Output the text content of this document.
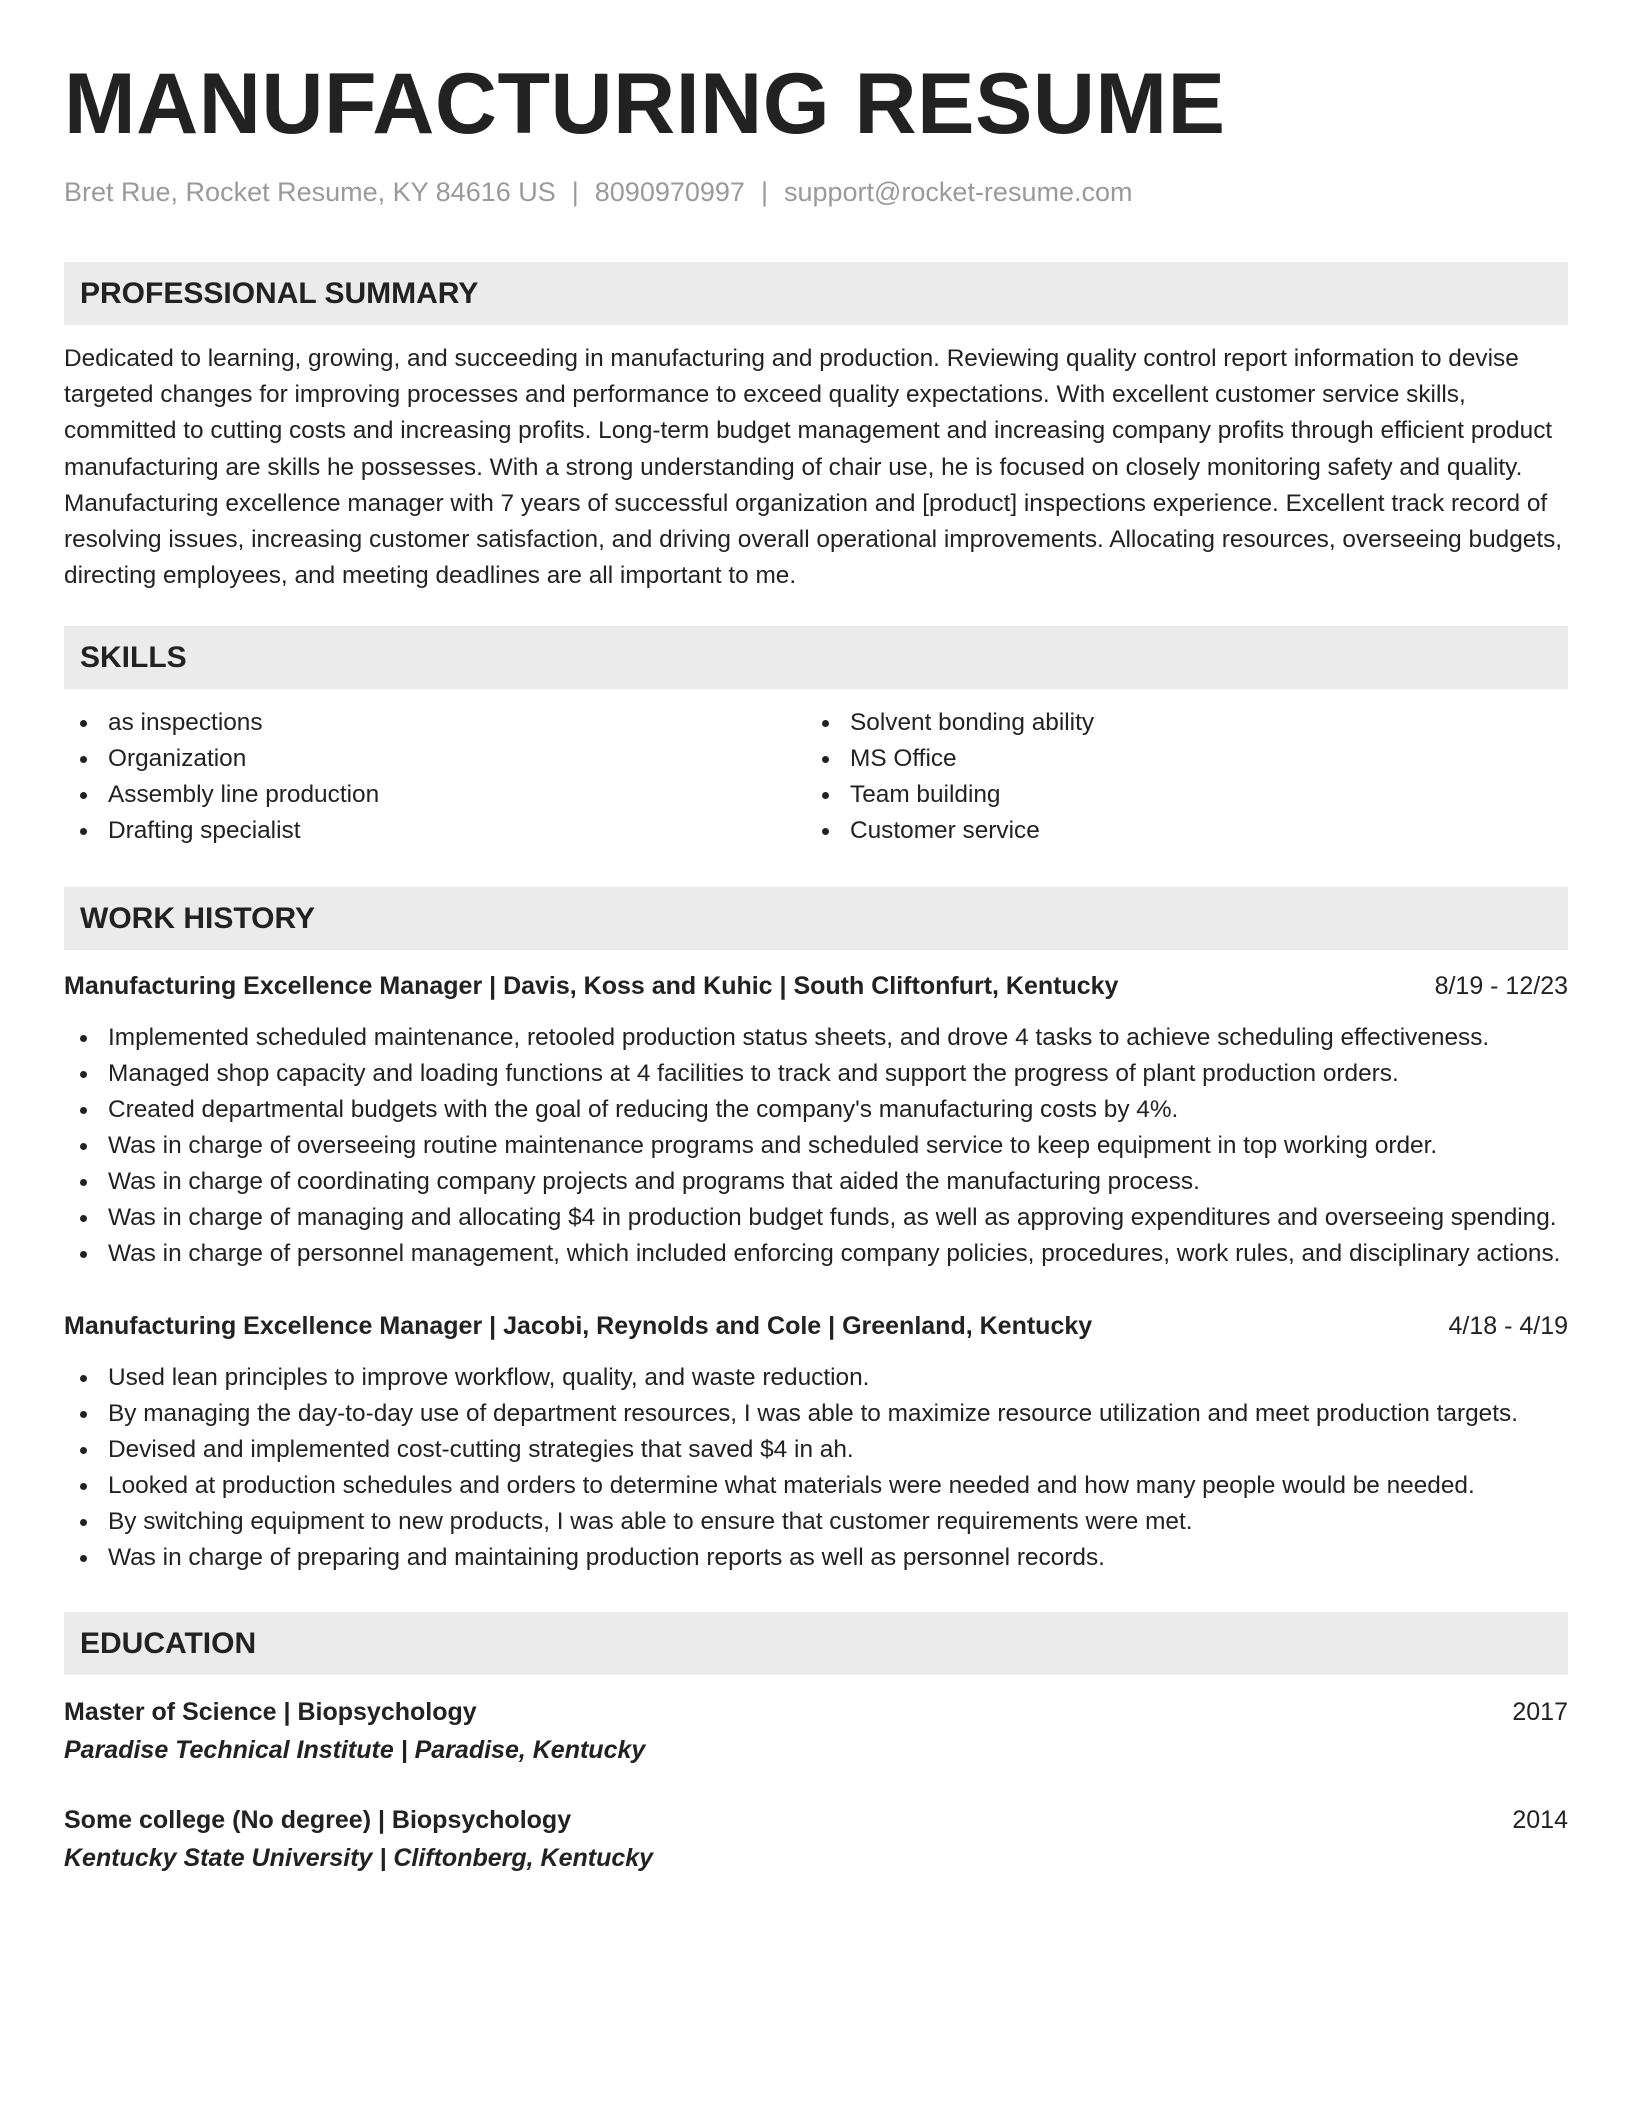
MANUFACTURING RESUME
Bret Rue, Rocket Resume, KY 84616 US | 8090970997 | support@rocket-resume.com
PROFESSIONAL SUMMARY
Dedicated to learning, growing, and succeeding in manufacturing and production. Reviewing quality control report information to devise targeted changes for improving processes and performance to exceed quality expectations. With excellent customer service skills, committed to cutting costs and increasing profits. Long-term budget management and increasing company profits through efficient product manufacturing are skills he possesses. With a strong understanding of chair use, he is focused on closely monitoring safety and quality. Manufacturing excellence manager with 7 years of successful organization and [product] inspections experience. Excellent track record of resolving issues, increasing customer satisfaction, and driving overall operational improvements. Allocating resources, overseeing budgets, directing employees, and meeting deadlines are all important to me.
SKILLS
as inspections
Organization
Assembly line production
Drafting specialist
Solvent bonding ability
MS Office
Team building
Customer service
WORK HISTORY
Manufacturing Excellence Manager | Davis, Koss and Kuhic | South Cliftonfurt, Kentucky	8/19 - 12/23
Implemented scheduled maintenance, retooled production status sheets, and drove 4 tasks to achieve scheduling effectiveness.
Managed shop capacity and loading functions at 4 facilities to track and support the progress of plant production orders.
Created departmental budgets with the goal of reducing the company's manufacturing costs by 4%.
Was in charge of overseeing routine maintenance programs and scheduled service to keep equipment in top working order.
Was in charge of coordinating company projects and programs that aided the manufacturing process.
Was in charge of managing and allocating $4 in production budget funds, as well as approving expenditures and overseeing spending.
Was in charge of personnel management, which included enforcing company policies, procedures, work rules, and disciplinary actions.
Manufacturing Excellence Manager | Jacobi, Reynolds and Cole | Greenland, Kentucky	4/18 - 4/19
Used lean principles to improve workflow, quality, and waste reduction.
By managing the day-to-day use of department resources, I was able to maximize resource utilization and meet production targets.
Devised and implemented cost-cutting strategies that saved $4 in ah.
Looked at production schedules and orders to determine what materials were needed and how many people would be needed.
By switching equipment to new products, I was able to ensure that customer requirements were met.
Was in charge of preparing and maintaining production reports as well as personnel records.
EDUCATION
Master of Science | Biopsychology	2017
Paradise Technical Institute | Paradise, Kentucky
Some college (No degree) | Biopsychology	2014
Kentucky State University | Cliftonberg, Kentucky
